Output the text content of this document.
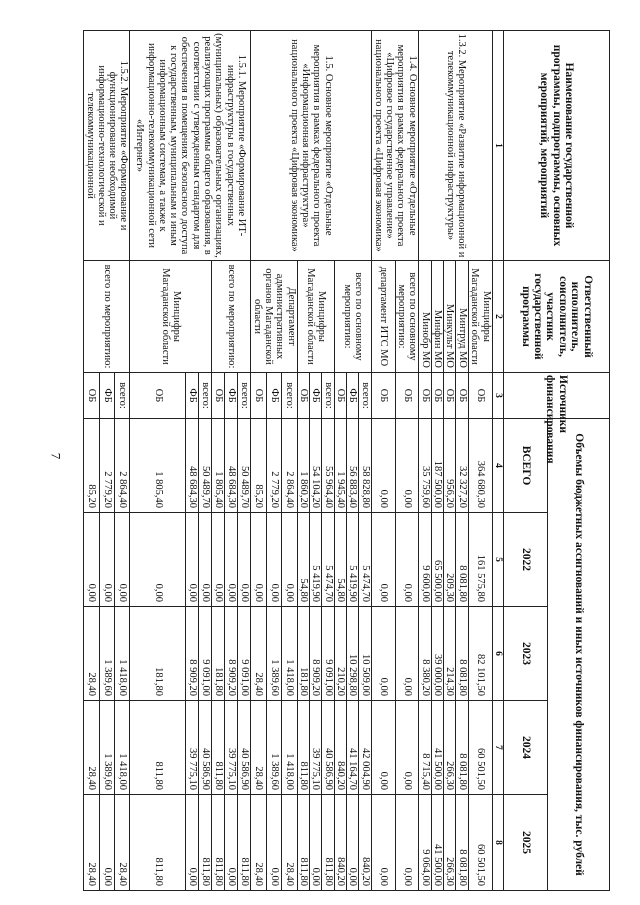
7
Наименование государственной программы, подпрограммы, основных мероприятий, мероприятий	Ответственный исполнитель, соисполнитель, участник государственной программы	Источники финансирования	Объемы бюджетных ассигнований и иных источников финансирования, тыс. рублей				
			ВСЕГО	2022	2023	2024	2025
1	2	3	4	5	6	7	8
1.3.2. Мероприятие «Развитие информационной и телекоммуникационной инфраструктуры»	Минцифры Магаданской области	ОБ	364 680,30	161 575,80	82 101,50	60 501,50	60 501,50
	Минтруд МО	ОБ	32 327,20	8 081,80	8 081,80	8 081,80	8 081,80
	Минкульт МО	ОБ	956,20	209,30	214,30	266,30	266,30
	Минфин МО	ОБ	187 500,00	65 500,00	39 000,00	41 500,00	41 500,00
	Минобр МО	ОБ	35 759,60	9 600,00	8 380,20	8 715,40	9 064,00
1.4. Основное мероприятие «Отдельные мероприятия в рамках федерального проекта «Цифровое государственное управление» национального проекта «Цифровая экономика»	всего по основному мероприятию:	ОБ	0,00	0,00	0,00	0,00	0,00
	департамент ИТС МО	ОБ	0,00	0,00	0,00	0,00	0,00
1.5. Основное мероприятие «Отдельные мероприятия в рамках федерального проекта «Информационная инфраструктура» национального проекта «Цифровая экономика»	всего по основному мероприятию:	всего:	58 828,80	5 474,70	10 509,00	42 004,90	840,20
		ФБ	56 883,40	5 419,90	10 298,80	41 164,70	0,00
		ОБ	1 945,40	54,80	210,20	840,20	840,20
	Минцифры Магаданской области	всего:	55 964,40	5 474,70	9 091,00	40 586,90	811,80
		ФБ	54 104,20	5 419,90	8 909,20	39 775,10	0,00
		ОБ	1 860,20	54,80	181,80	811,80	811,80
	Департамент административных органов Магаданской области	всего:	2 864,40	0,00	1 418,00	1 418,00	28,40
		ФБ	2 779,20	0,00	1 389,60	1 389,60	0,00
		ОБ	85,20	0,00	28,40	28,40	28,40
1.5.1. Мероприятие «Формирование ИТ-инфраструктуры в государственных (муниципальных) образовательных организациях, реализующих программы общего образования, в соответствии с утвержденным стандартом для обеспечения в помещениях безопасного доступа к государственным, муниципальным и иным информационным системам, а также к информационно-телекоммуникационной сети «Интернет»	всего по мероприятию:	всего:	50 489,70	0,00	9 091,00	40 586,90	811,80
		ФБ	48 684,30	0,00	8 909,20	39 775,10	0,00
		ОБ	1 805,40	0,00	181,80	811,80	811,80
	Минцифры Магаданской области	всего:	50 489,70	0,00	9 091,00	40 586,90	811,80
		ФБ	48 684,30	0,00	8 909,20	39 775,10	0,00
		ОБ	1 805,40	0,00	181,80	811,80	811,80
1.5.2. Мероприятие «Формирование и функционирование необходимой информационно-технологической и телекоммуникационной	всего по мероприятию:	всего:	2 864,40	0,00	1 418,00	1 418,00	28,40
		ФБ	2 779,20	0,00	1 389,60	1 389,60	0,00
		ОБ	85,20	0,00	28,40	28,40	28,40
